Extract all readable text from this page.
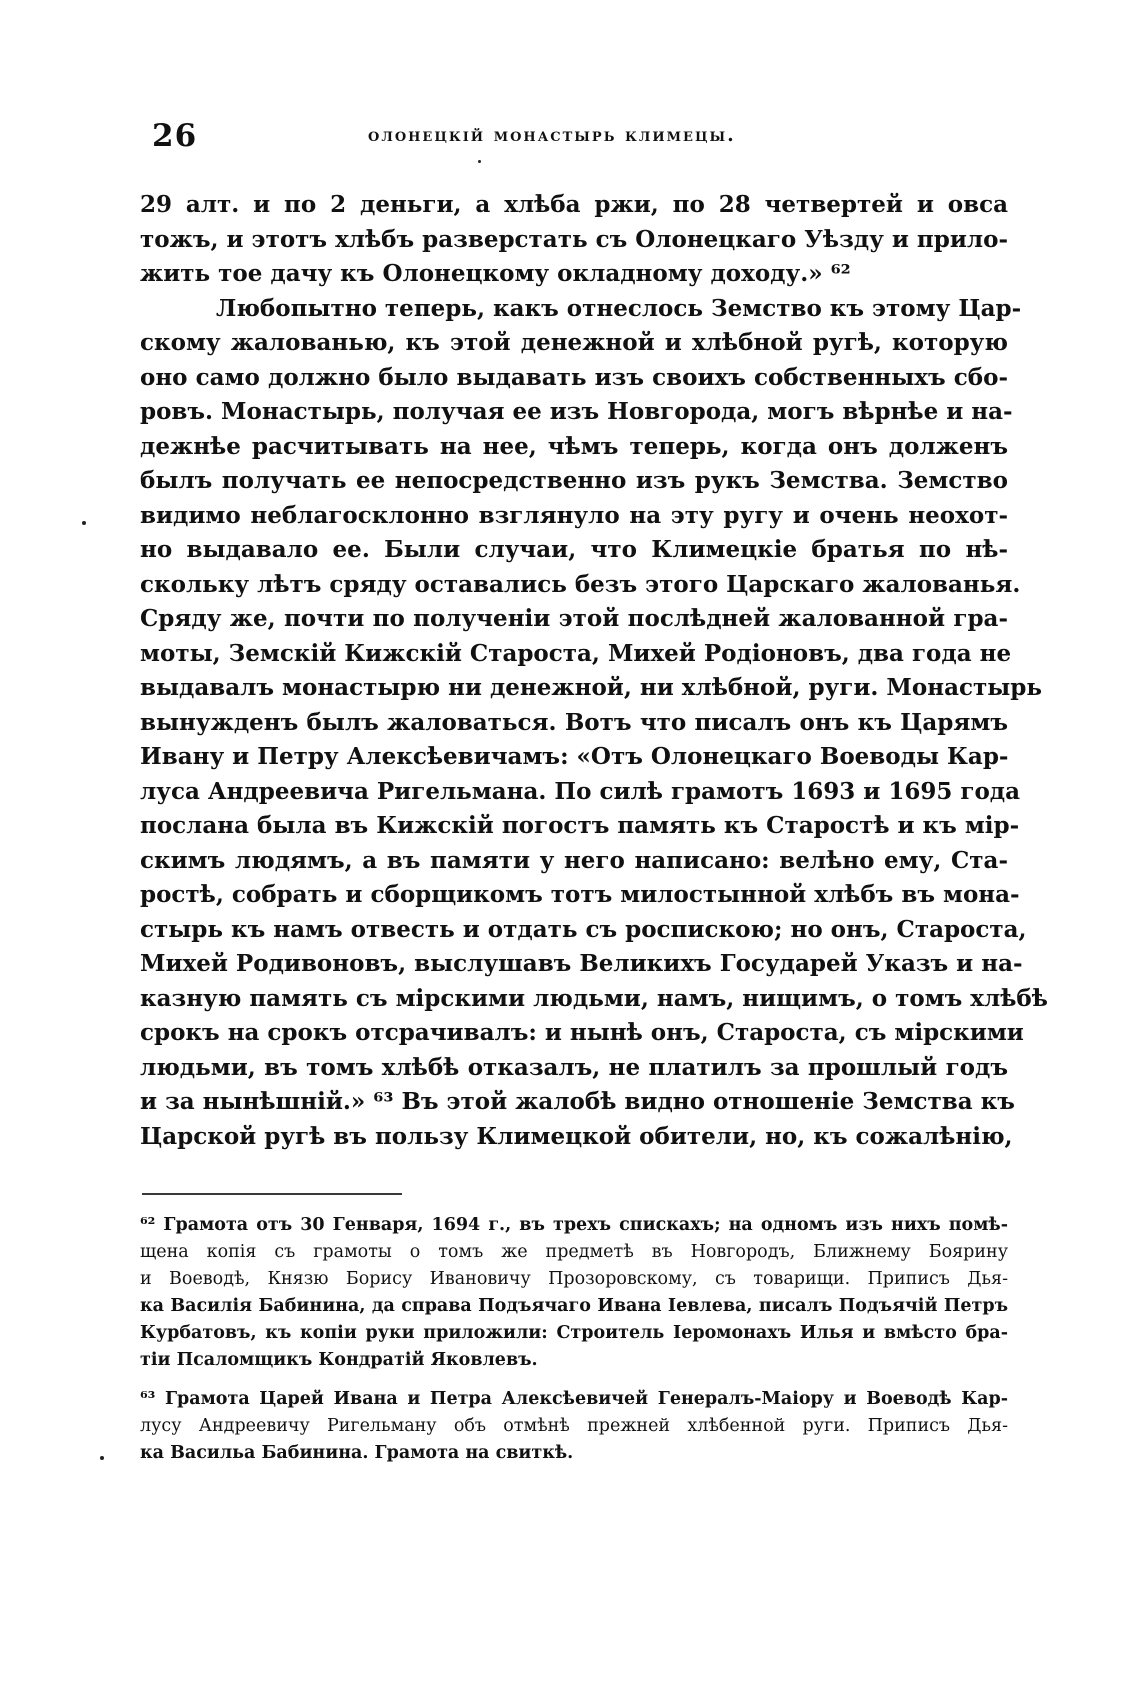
26	олонецкій монастырь климецы.
29 алт. и по 2 деньги, а хлѣба ржи, по 28 четвертей и овса
тожъ, и этотъ хлѣбъ разверстать съ Олонецкаго Уѣзду и прило-
жить тое дачу къ Олонецкому окладному доходу.» ⁶²
Любопытно теперь, какъ отнеслось Земство къ этому Цар-
скому жалованью, къ этой денежной и хлѣбной ругѣ, которую
оно само должно было выдавать изъ своихъ собственныхъ сбо-
ровъ. Монастырь, получая ее изъ Новгорода, могъ вѣрнѣе и на-
дежнѣе расчитывать на нее, чѣмъ теперь, когда онъ долженъ
былъ получать ее непосредственно изъ рукъ Земства. Земство
видимо неблагосклонно взглянуло на эту ругу и очень неохот-
но выдавало ее. Были случаи, что Климецкіе братья по нѣ-
скольку лѣтъ сряду оставались безъ этого Царскаго жалованья.
Сряду же, почти по полученіи этой послѣдней жалованной гра-
моты, Земскій Кижскій Староста, Михей Родіоновъ, два года не
выдавалъ монастырю ни денежной, ни хлѣбной, руги. Монастырь
вынужденъ былъ жаловаться. Вотъ что писалъ онъ къ Царямъ
Ивану и Петру Алексѣевичамъ: «Отъ Олонецкаго Воеводы Кар-
луса Андреевича Ригельмана. По силѣ грамотъ 1693 и 1695 года
послана была въ Кижскій погостъ память къ Старостѣ и къ мір-
скимъ людямъ, а въ памяти у него написано: велѣно ему, Ста-
ростѣ, собрать и сборщикомъ тотъ милостынной хлѣбъ въ мона-
стырь къ намъ отвесть и отдать съ роспискою; но онъ, Староста,
Михей Родивоновъ, выслушавъ Великихъ Государей Указъ и на-
казную память съ мірскими людьми, намъ, нищимъ, о томъ хлѣбѣ
срокъ на срокъ отсрачивалъ: и нынѣ онъ, Староста, съ мірскими
людьми, въ томъ хлѣбѣ отказалъ, не платилъ за прошлый годъ
и за нынѣшній.» ⁶³ Въ этой жалобѣ видно отношеніе Земства къ
Царской ругѣ въ пользу Климецкой обители, но, къ сожалѣнію,
⁶² Грамота отъ 30 Генваря, 1694 г., въ трехъ спискахъ; на одномъ изъ нихъ помѣ-
щена копія съ грамоты о томъ же предметѣ въ Новгородъ, Ближнему Боярину
и Воеводѣ, Князю Борису Ивановичу Прозоровскому, съ товарищи. Приписъ Дья-
ка Василія Бабинина, да справа Подъячаго Ивана Іевлева, писалъ Подъячій Петръ
Курбатовъ, къ копіи руки приложили: Строитель Іеромонахъ Илья и вмѣсто бра-
тіи Псаломщикъ Кондратій Яковлевъ.
⁶³ Грамота Царей Ивана и Петра Алексѣевичей Генералъ-Маіору и Воеводѣ Кар-
лусу Андреевичу Ригельману объ отмѣнѣ прежней хлѣбенной руги. Приписъ Дья-
ка Васильа Бабинина. Грамота на свиткѣ.
